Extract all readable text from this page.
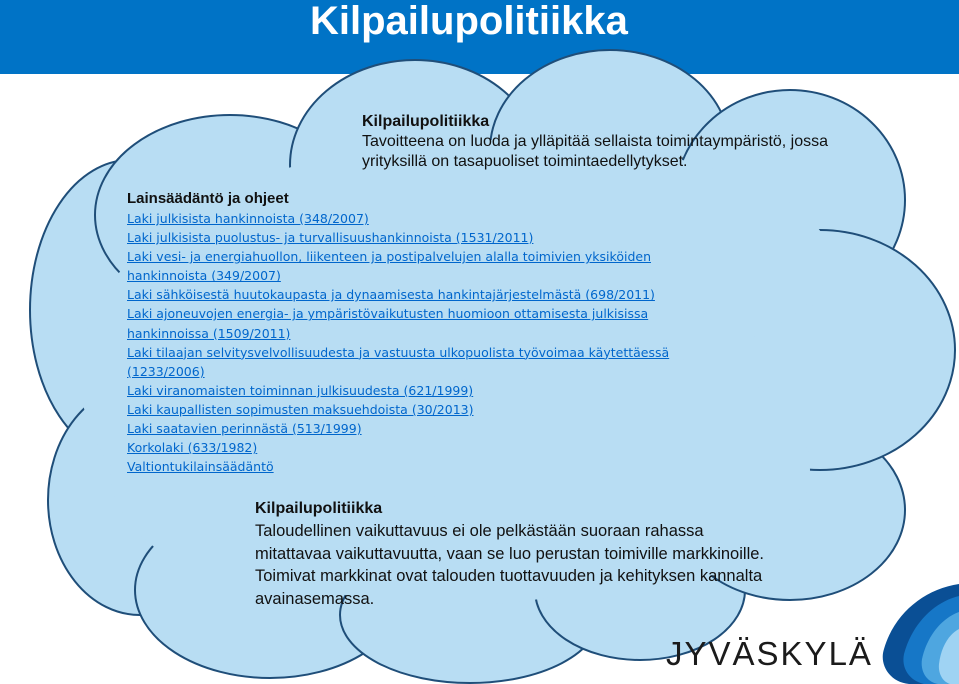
Kilpailupolitiikka
Kilpailupolitiikka
Tavoitteena on luoda ja ylläpitää sellaista toimintaympäristö, jossa
yrityksillä on tasapuoliset toimintaedellytykset.
Lainsäädäntö ja ohjeet
Laki julkisista hankinnoista (348/2007)
Laki julkisista puolustus- ja turvallisuushankinnoista (1531/2011)
Laki vesi- ja energiahuollon, liikenteen ja postipalvelujen alalla toimivien yksiköiden
hankinnoista (349/2007)
Laki sähköisestä huutokaupasta ja dynaamisesta hankintajärjestelmästä (698/2011)
Laki ajoneuvojen energia- ja ympäristövaikutusten huomioon ottamisesta julkisissa
hankinnoissa (1509/2011)
Laki tilaajan selvitysvelvollisuudesta ja vastuusta ulkopuolista työvoimaa käytettäessä
(1233/2006)
Laki viranomaisten toiminnan julkisuudesta (621/1999)
Laki kaupallisten sopimusten maksuehdoista (30/2013)
Laki saatavien perinnästä (513/1999)
Korkolaki (633/1982)
Valtiontukilainsäädäntö
Kilpailupolitiikka
Taloudellinen vaikuttavuus ei ole pelkästään suoraan rahassa
mitattavaa vaikuttavuutta, vaan se luo perustan toimiville markkinoille.
Toimivat markkinat ovat talouden tuottavuuden ja kehityksen kannalta
avainasemassa.
JYVÄSKYLÄ
